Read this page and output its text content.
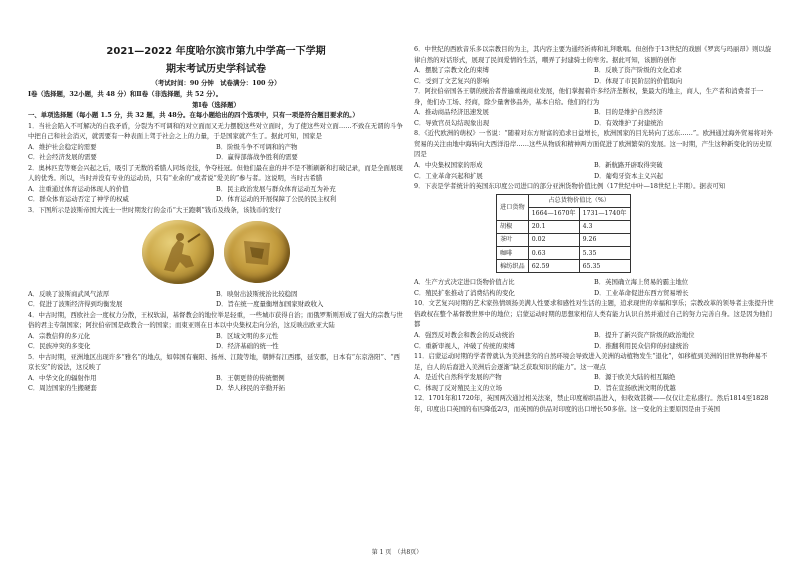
2021—2022 年度哈尔滨市第九中学高一下学期
期末考试历史学科试卷
（考试时间：90 分钟　试卷满分：100 分）
Ⅰ卷（选择题，32小题，共 48 分）和Ⅱ卷（非选择题，共 52 分）。
第Ⅰ卷（选择题）
一、单项选择题（每小题 1.5 分，共 32 题，共 48分。在每小题给出的四个选项中，只有一项是符合题目要求的。）

1．当社会陷入不可解决的自我矛盾，分裂为不可调和的对立面而又无力摆脱这些对立面时，为了使这些对立面……不致在无谓的斗争中把自己和社会消灭，就需要有一种表面上驾于社会之上的力量，于是国家就产生了。据此可知，国家是

A．维护社会稳定的需要	B．阶级斗争不可调和的产物
C．社会经济发展的需要	D．赢得部落战争胜利的需要

2．奥林匹克等赛会兴起之后，吸引了无数的希腊人同场竞技，争夺桂冠。但他们最在意的并不是不断刷新和打破记录，而是全面展现人的优秀。所以，当时并没有专业的运动员，只有“业余的”或者说“爱美的”参与者。这说明，当时古希腊

A．注重通过体育运动体现人的价值	B．民主政治发展与群众体育运动互为补充
C．群众体育运动否定了神学的权威	D．体育运动的开展保障了公民的民主权利

3．下图所示是波斯帝国大流士一世时期发行的金币“大王跑刺”钱币及线条，该钱币的发行

A．反映了波斯商武风气浓厚	B．映射出波斯统治比较稳固
C．促进了波斯经济得到均衡发展	D．旨在统一度量衡增加国家财政收入

4．中古时期，西欧社会一度权力分散，王权软弱，基督教会的地位举足轻重，一些城市获得自治；而俄罗斯则形成了强大的宗教与世俗的君主专制国家；阿拉伯帝国是政教合一的国家；而東亚则在日本以中央集权走向分治，这反映出欧亚大陆

A．宗教信仰的多元化	B．区域文明的多元性
C．民族冲突的多变化	D．经济基础的统一性

5．中古时期，亚洲地区出现许多“雅名”的地点，如韩国有襄阳、扬州、江陵等地，朝鲜有江西郡，延安郡，日本有“东京洛阳”、“西京长安”的说法，这反映了

A．中华文化的辐射作用	B．王朝更替的传统惯例
C．周边国家的生搬硬套	D．华人移民的辛勤开拓

6．中世纪的西欧音乐多以宗教目的为主，其内容主要为通经祈祷和礼拜歌唱。但创作于13世纪的戏剧《罗宾与玛丽昂》则以旋律自然的对话形式，展现了民间爱情的生活，嘲弄了封建骑士的卑劣。据此可知，该剧的创作

A．摆脱了宗教文化的束缚	B．反映了资产阶级的文化追求
C．受到了文艺复兴的影响	D．体现了市民阶层的价值取向

7．阿拉伯帝国各王朝的统治者普遍重视商业发展，他们掌握着许多经济垄断权，集最大的地主，商人，生产者和消费者于一身，他们办工场、经商，除少量奢侈品外，基本自给。他们的行为

A．推动商品经济迅速发展	B．目的是维护自然经济
C．导致官员勾结现象出现	D．有效维护了封建统治

8．《近代欧洲的萌权》一书说：“随着对东方财富的追求日益增长，欧洲国家的目光转向了远东……”。欧洲通过海外贸易将对外贸易的关注由地中海转向大西洋沿岸……这些从物质和精神两方面促进了欧洲繁荣的发展。这一时期，产生这种新变化的历史原因是

A．中央集权国家的形成	B．新航路开辟取得突破
C．工业革命兴起和扩展	D．葡萄牙资本主义兴起

9．下表是学者统计的英国东印度公司进口的部分亚洲货物价值比例（17世纪中叶—18世纪上半期）。据表可知

进口货物	占总货物价值比（%）	
	1664—1670年	1731—1740年
胡椒	20.1	4.3
茶叶	0.02	9.26
咖啡	0.63	5.35
棉纺织品	62.59	65.35
A．生产方式决定进口货物价值占比	B．英国确立海上贸易的霸主地位
C．殖民扩张推动了消费结构的变化	D．工业革命促进东西方贸易增长

10．文艺复兴时期的艺术家热情颂扬美满人性要求和感性对生活的主题，追求现世的幸福和享乐；宗教改革的领导者主张提升世俗政权在整个基督教世界中的地位；启蒙运动时期的思想家相信人类有能力认识自然并通过自己的努力完善自身。这是因为他们都

A．强烈反对教会和教会的反动统治	B．提升了新兴资产阶级的政治地位
C．重新审视人，冲破了传统的束缚	D．推翻利用民众信仰的封建统治

11．启蒙运动时期的学者曾就认为美洲悲劣的自然环境会导致进入美洲的动植物发生“退化”，如移植到美洲的旧世界物种易不足，白人的后裔进入美洲后会逐渐“缺乏获取知识的能力”。这一观点

A．是近代自然科学发展的产物	B．源于欧美大陆的相互隔绝
C．体现了反对殖民主义的立场	D．旨在宣扬欧洲文明的优越

12．1701年和1720年，英国两次通过相关法案，禁止印度棉织品进入，但收效甚微——仅仅让走私盛行。然后1814至1828年，印度出口英国的布匹降低2/3，而英国的供品对印度的出口增长50多倍。这一变化的主要原因是由于英国

第 1 页　（共8页）
